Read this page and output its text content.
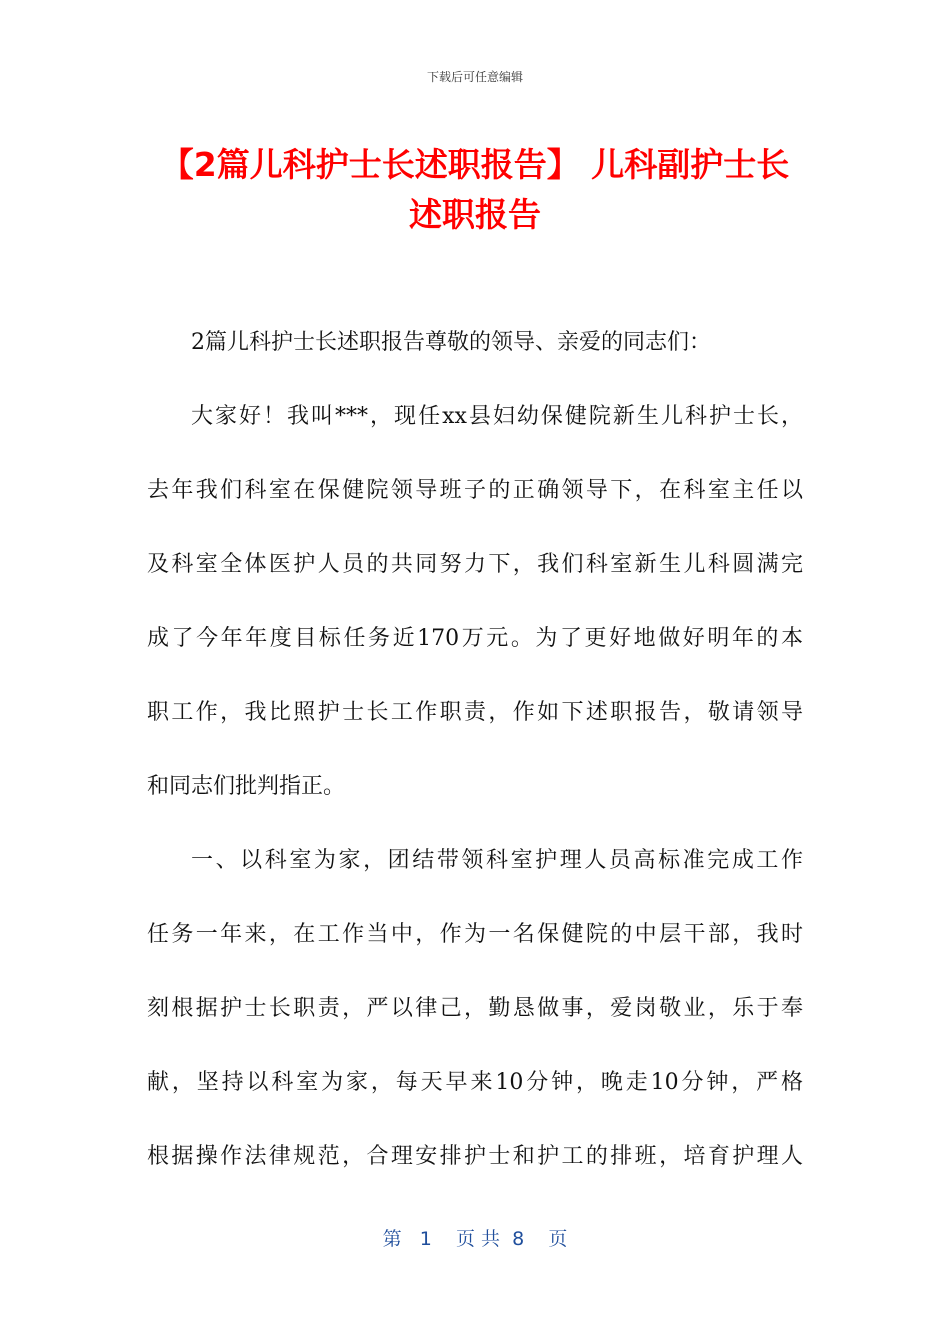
下载后可任意编辑
【2篇儿科护士长述职报告】 儿科副护士长
述职报告
2篇儿科护士长述职报告尊敬的领导、亲爱的同志们：
大家好！我叫***，现任xx县妇幼保健院新生儿科护士长，
去年我们科室在保健院领导班子的正确领导下，在科室主任以
及科室全体医护人员的共同努力下，我们科室新生儿科圆满完
成了今年年度目标任务近170万元。为了更好地做好明年的本
职工作，我比照护士长工作职责，作如下述职报告，敬请领导
和同志们批判指正。
一、以科室为家，团结带领科室护理人员高标准完成工作
任务一年来，在工作当中，作为一名保健院的中层干部，我时
刻根据护士长职责，严以律己，勤恳做事，爱岗敬业，乐于奉
献，坚持以科室为家，每天早来10分钟，晚走10分钟，严格
根据操作法律规范，合理安排护士和护工的排班，培育护理人
第   1    页 共  8    页
